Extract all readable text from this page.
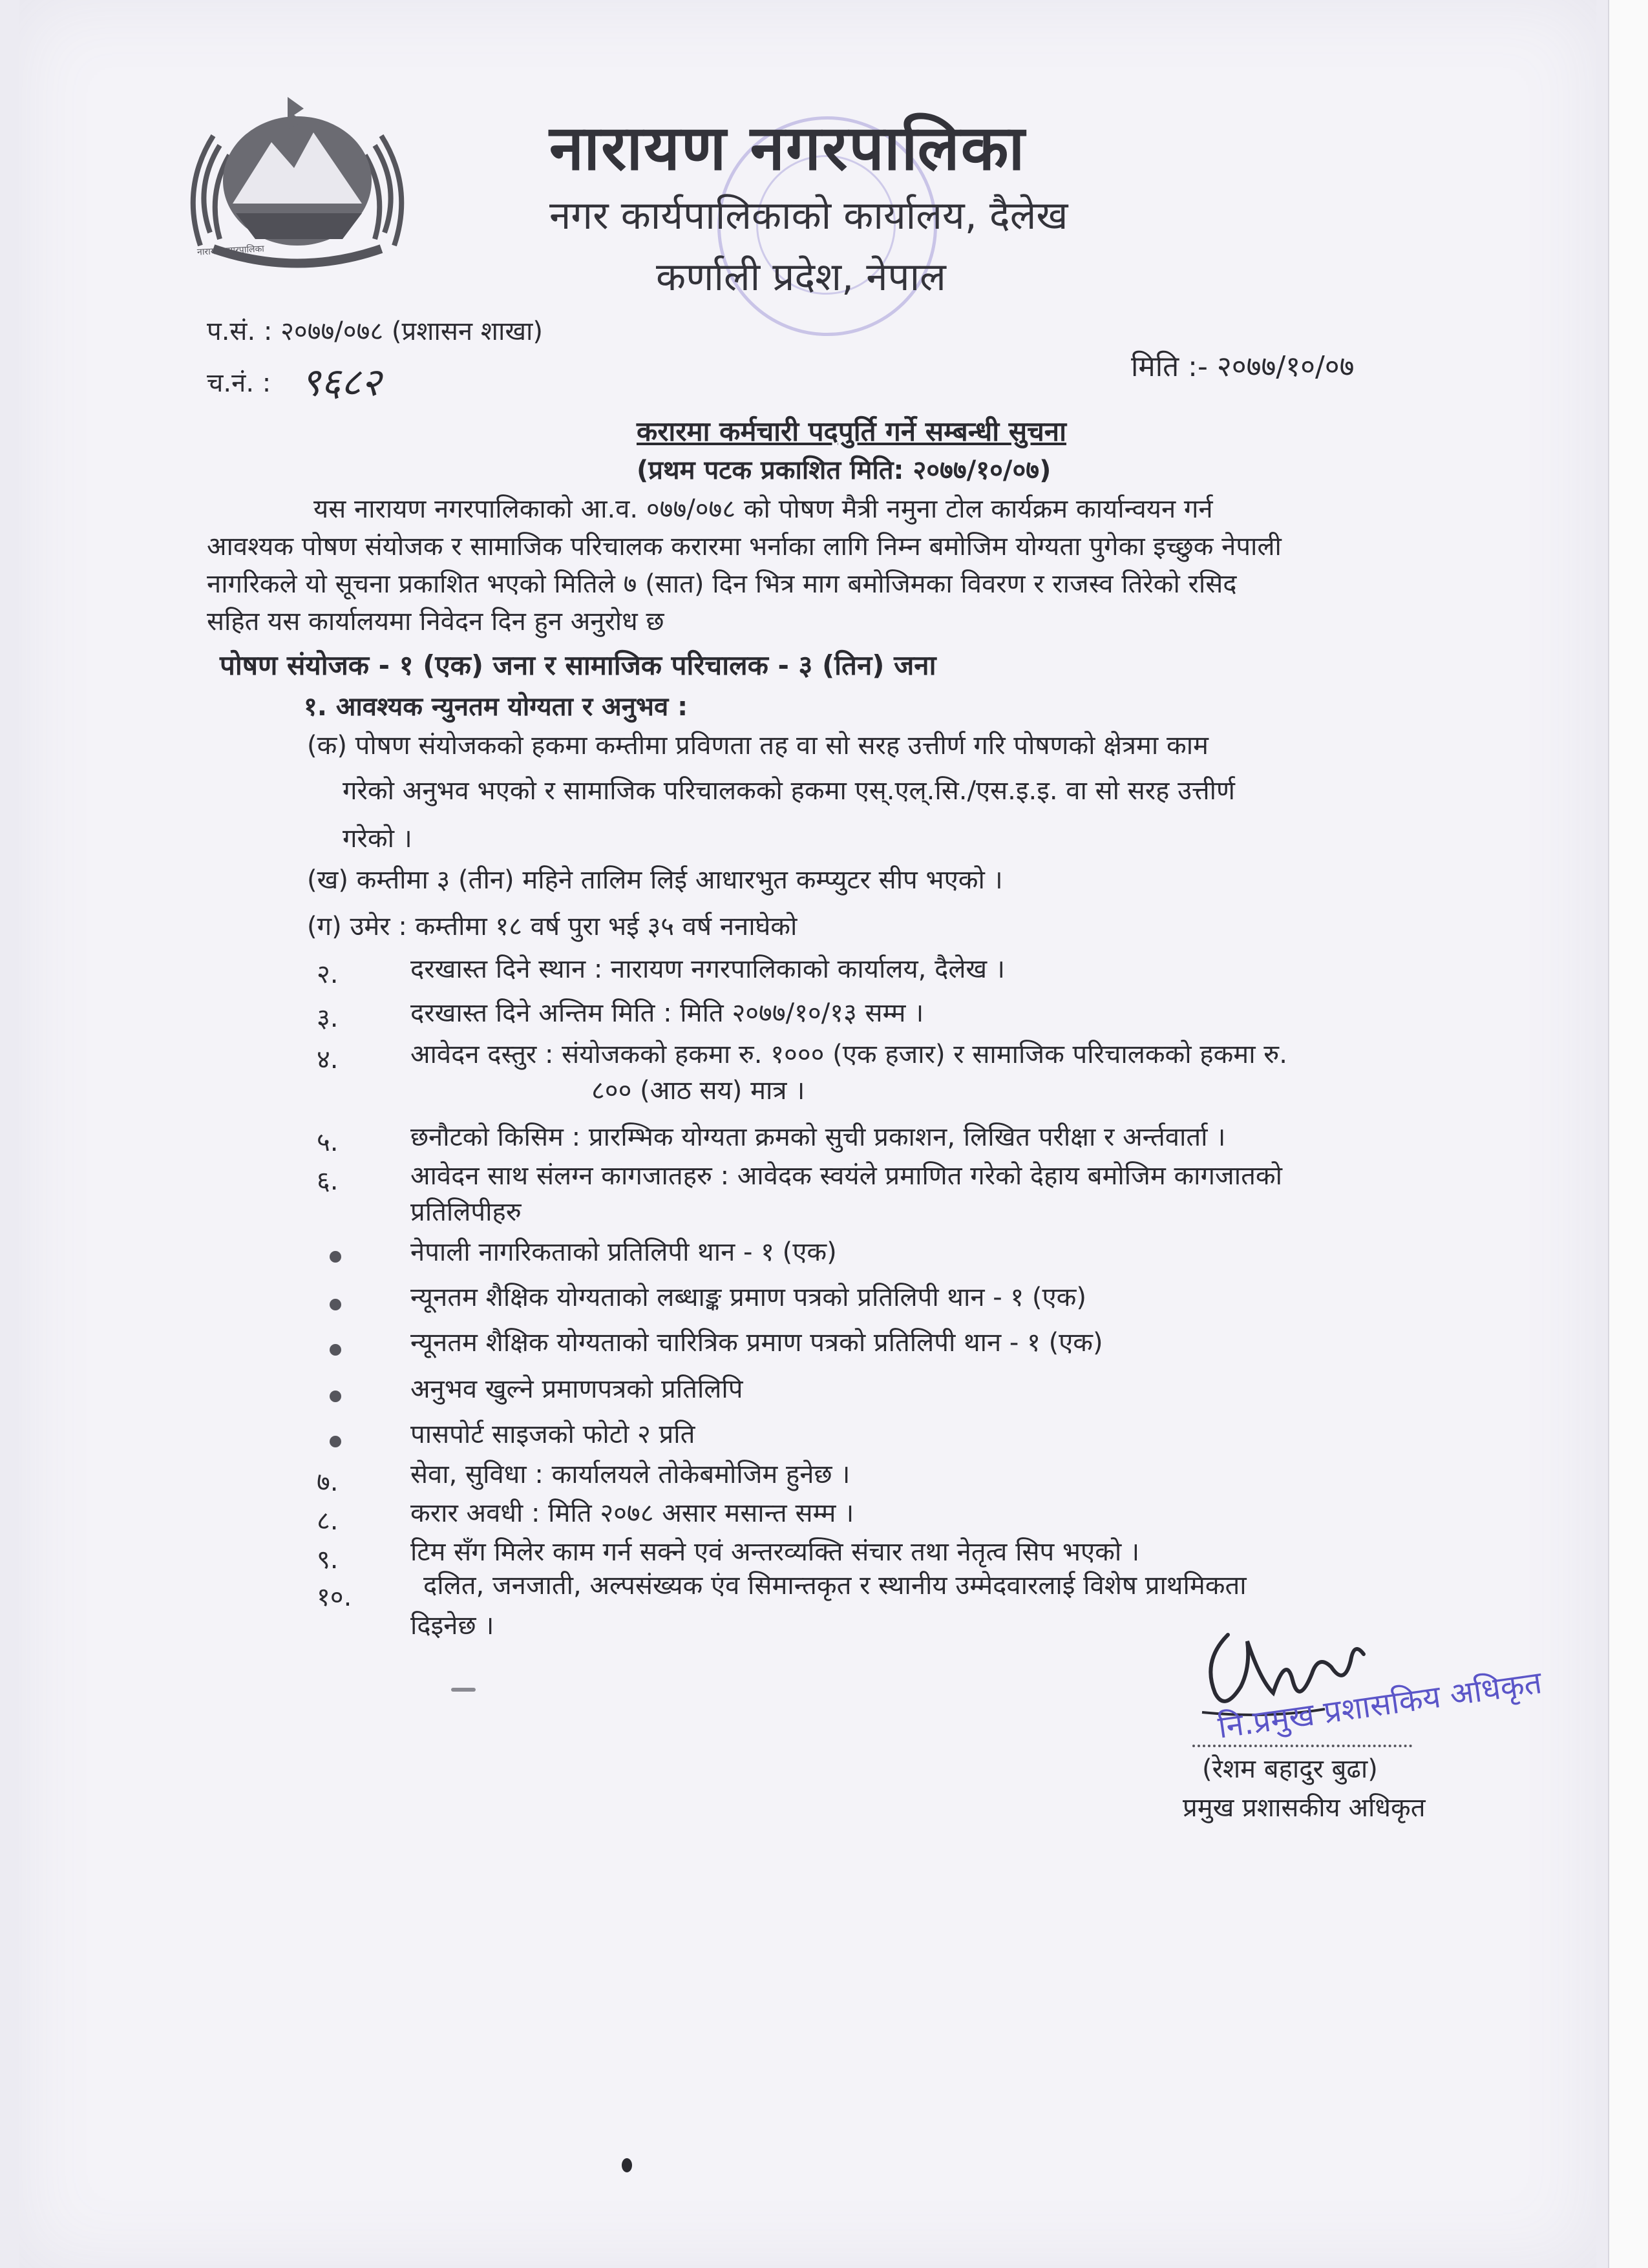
नारायण नगरपालिका
नारायण नगरपालिका
नगर कार्यपालिकाको कार्यालय, दैलेख
कर्णाली प्रदेश, नेपाल
प.सं. : २०७७/०७८ (प्रशासन शाखा)
च.नं. : ९६८२	मिति :- २०७७/१०/०७
करारमा कर्मचारी पदपुर्ति गर्ने सम्बन्धी सुचना
(प्रथम पटक प्रकाशित मिति: २०७७/१०/०७)
यस नारायण नगरपालिकाको आ.व. ०७७/०७८ को पोषण मैत्री नमुना टोल कार्यक्रम कार्यान्वयन गर्न
आवश्यक पोषण संयोजक र सामाजिक परिचालक करारमा भर्नाका लागि निम्न बमोजिम योग्यता पुगेका इच्छुक नेपाली
नागरिकले यो सूचना प्रकाशित भएको मितिले ७ (सात) दिन भित्र माग बमोजिमका विवरण र राजस्व तिरेको रसिद
सहित यस कार्यालयमा निवेदन दिन हुन अनुरोध छ
पोषण संयोजक - १ (एक) जना र सामाजिक परिचालक - ३ (तिन) जना
१. आवश्यक न्युनतम योग्यता र अनुभव :
(क) पोषण संयोजकको हकमा कम्तीमा प्रविणता तह वा सो सरह उत्तीर्ण गरि पोषणको क्षेत्रमा काम
गरेको अनुभव भएको र सामाजिक परिचालकको हकमा एस्.एल्.सि./एस.इ.इ. वा सो सरह उत्तीर्ण
गरेको ।
(ख) कम्तीमा ३ (तीन) महिने तालिम लिई आधारभुत कम्प्युटर सीप भएको ।
(ग) उमेर : कम्तीमा १८ वर्ष पुरा भई ३५ वर्ष ननाघेको
२.	दरखास्त दिने स्थान : नारायण नगरपालिकाको कार्यालय, दैलेख ।
३.	दरखास्त दिने अन्तिम मिति : मिति २०७७/१०/१३ सम्म ।
४.	आवेदन दस्तुर : संयोजकको हकमा रु. १००० (एक हजार) र सामाजिक परिचालकको हकमा रु.
८०० (आठ सय) मात्र ।
५.	छनौटको किसिम : प्रारम्भिक योग्यता क्रमको सुची प्रकाशन, लिखित परीक्षा र अर्न्तवार्ता ।
६.	आवेदन साथ संलग्न कागजातहरु : आवेदक स्वयंले प्रमाणित गरेको देहाय बमोजिम कागजातको
प्रतिलिपीहरु
नेपाली नागरिकताको प्रतिलिपी थान - १ (एक)
न्यूनतम शैक्षिक योग्यताको लब्धाङ्क प्रमाण पत्रको प्रतिलिपी थान - १ (एक)
न्यूनतम शैक्षिक योग्यताको चारित्रिक प्रमाण पत्रको प्रतिलिपी थान - १ (एक)
अनुभव खुल्ने प्रमाणपत्रको प्रतिलिपि
पासपोर्ट साइजको फोटो २ प्रति
७.	सेवा, सुविधा : कार्यालयले तोकेबमोजिम हुनेछ ।
८.	करार अवधी : मिति २०७८ असार मसान्त सम्म ।
९.	टिम सँग मिलेर काम गर्न सक्ने एवं अन्तरव्यक्ति संचार तथा नेतृत्व सिप भएको ।
१०.	दलित, जनजाती, अल्पसंख्यक एंव सिमान्तकृत र स्थानीय उम्मेदवारलाई विशेष प्राथमिकता
दिइनेछ ।
नि.प्रमुख प्रशासकिय अधिकृत
(रेशम बहादुर बुढा)
प्रमुख प्रशासकीय अधिकृत
